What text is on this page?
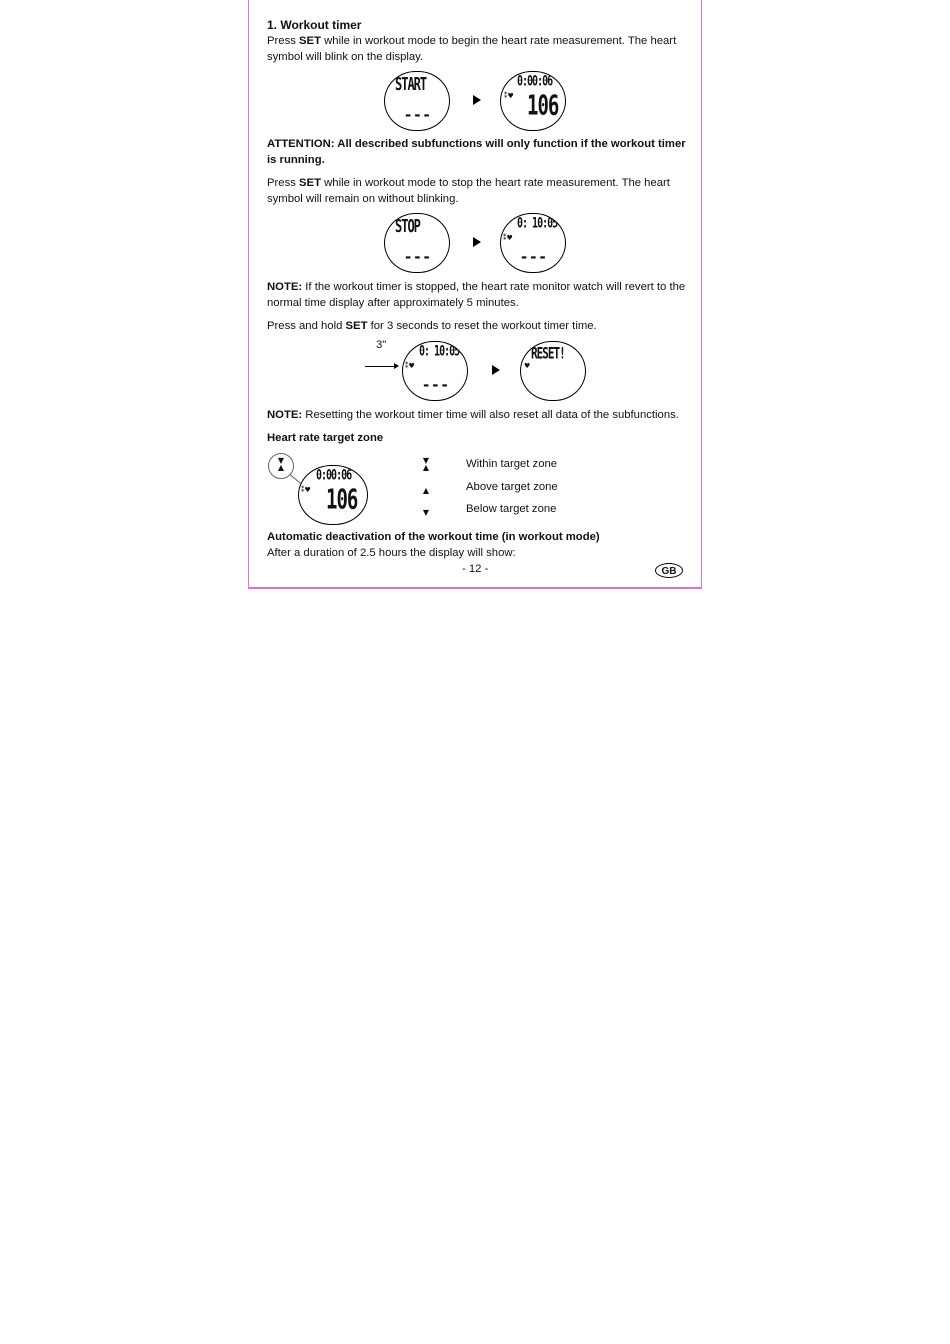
1. Workout timer

Press SET while in workout mode to begin the heart rate measurement. The heart symbol will blink on the display.

START
---
⁑♥
0:00:06
106

ATTENTION: All described subfunctions will only function if the workout timer is running.

Press SET while in workout mode to stop the heart rate measurement. The heart symbol will remain on without blinking.

STOP
---
⁑♥
0: 10:05
---

NOTE: If the workout timer is stopped, the heart rate monitor watch will revert to the normal time display after approximately 5 minutes.

Press and hold SET for 3 seconds to reset the workout timer time.

3"
⁑♥
0: 10:05
---
♥
RESET!

NOTE: Resetting the workout timer time will also reset all data of the subfunctions.

Heart rate target zone

▼
▲
⁑♥
0:00:06
106
▼
▲	Within target zone
▲	Above target zone
▼	Below target zone

Automatic deactivation of the workout time (in workout mode)

After a duration of 2.5 hours the display will show:

- 12 -	GB
